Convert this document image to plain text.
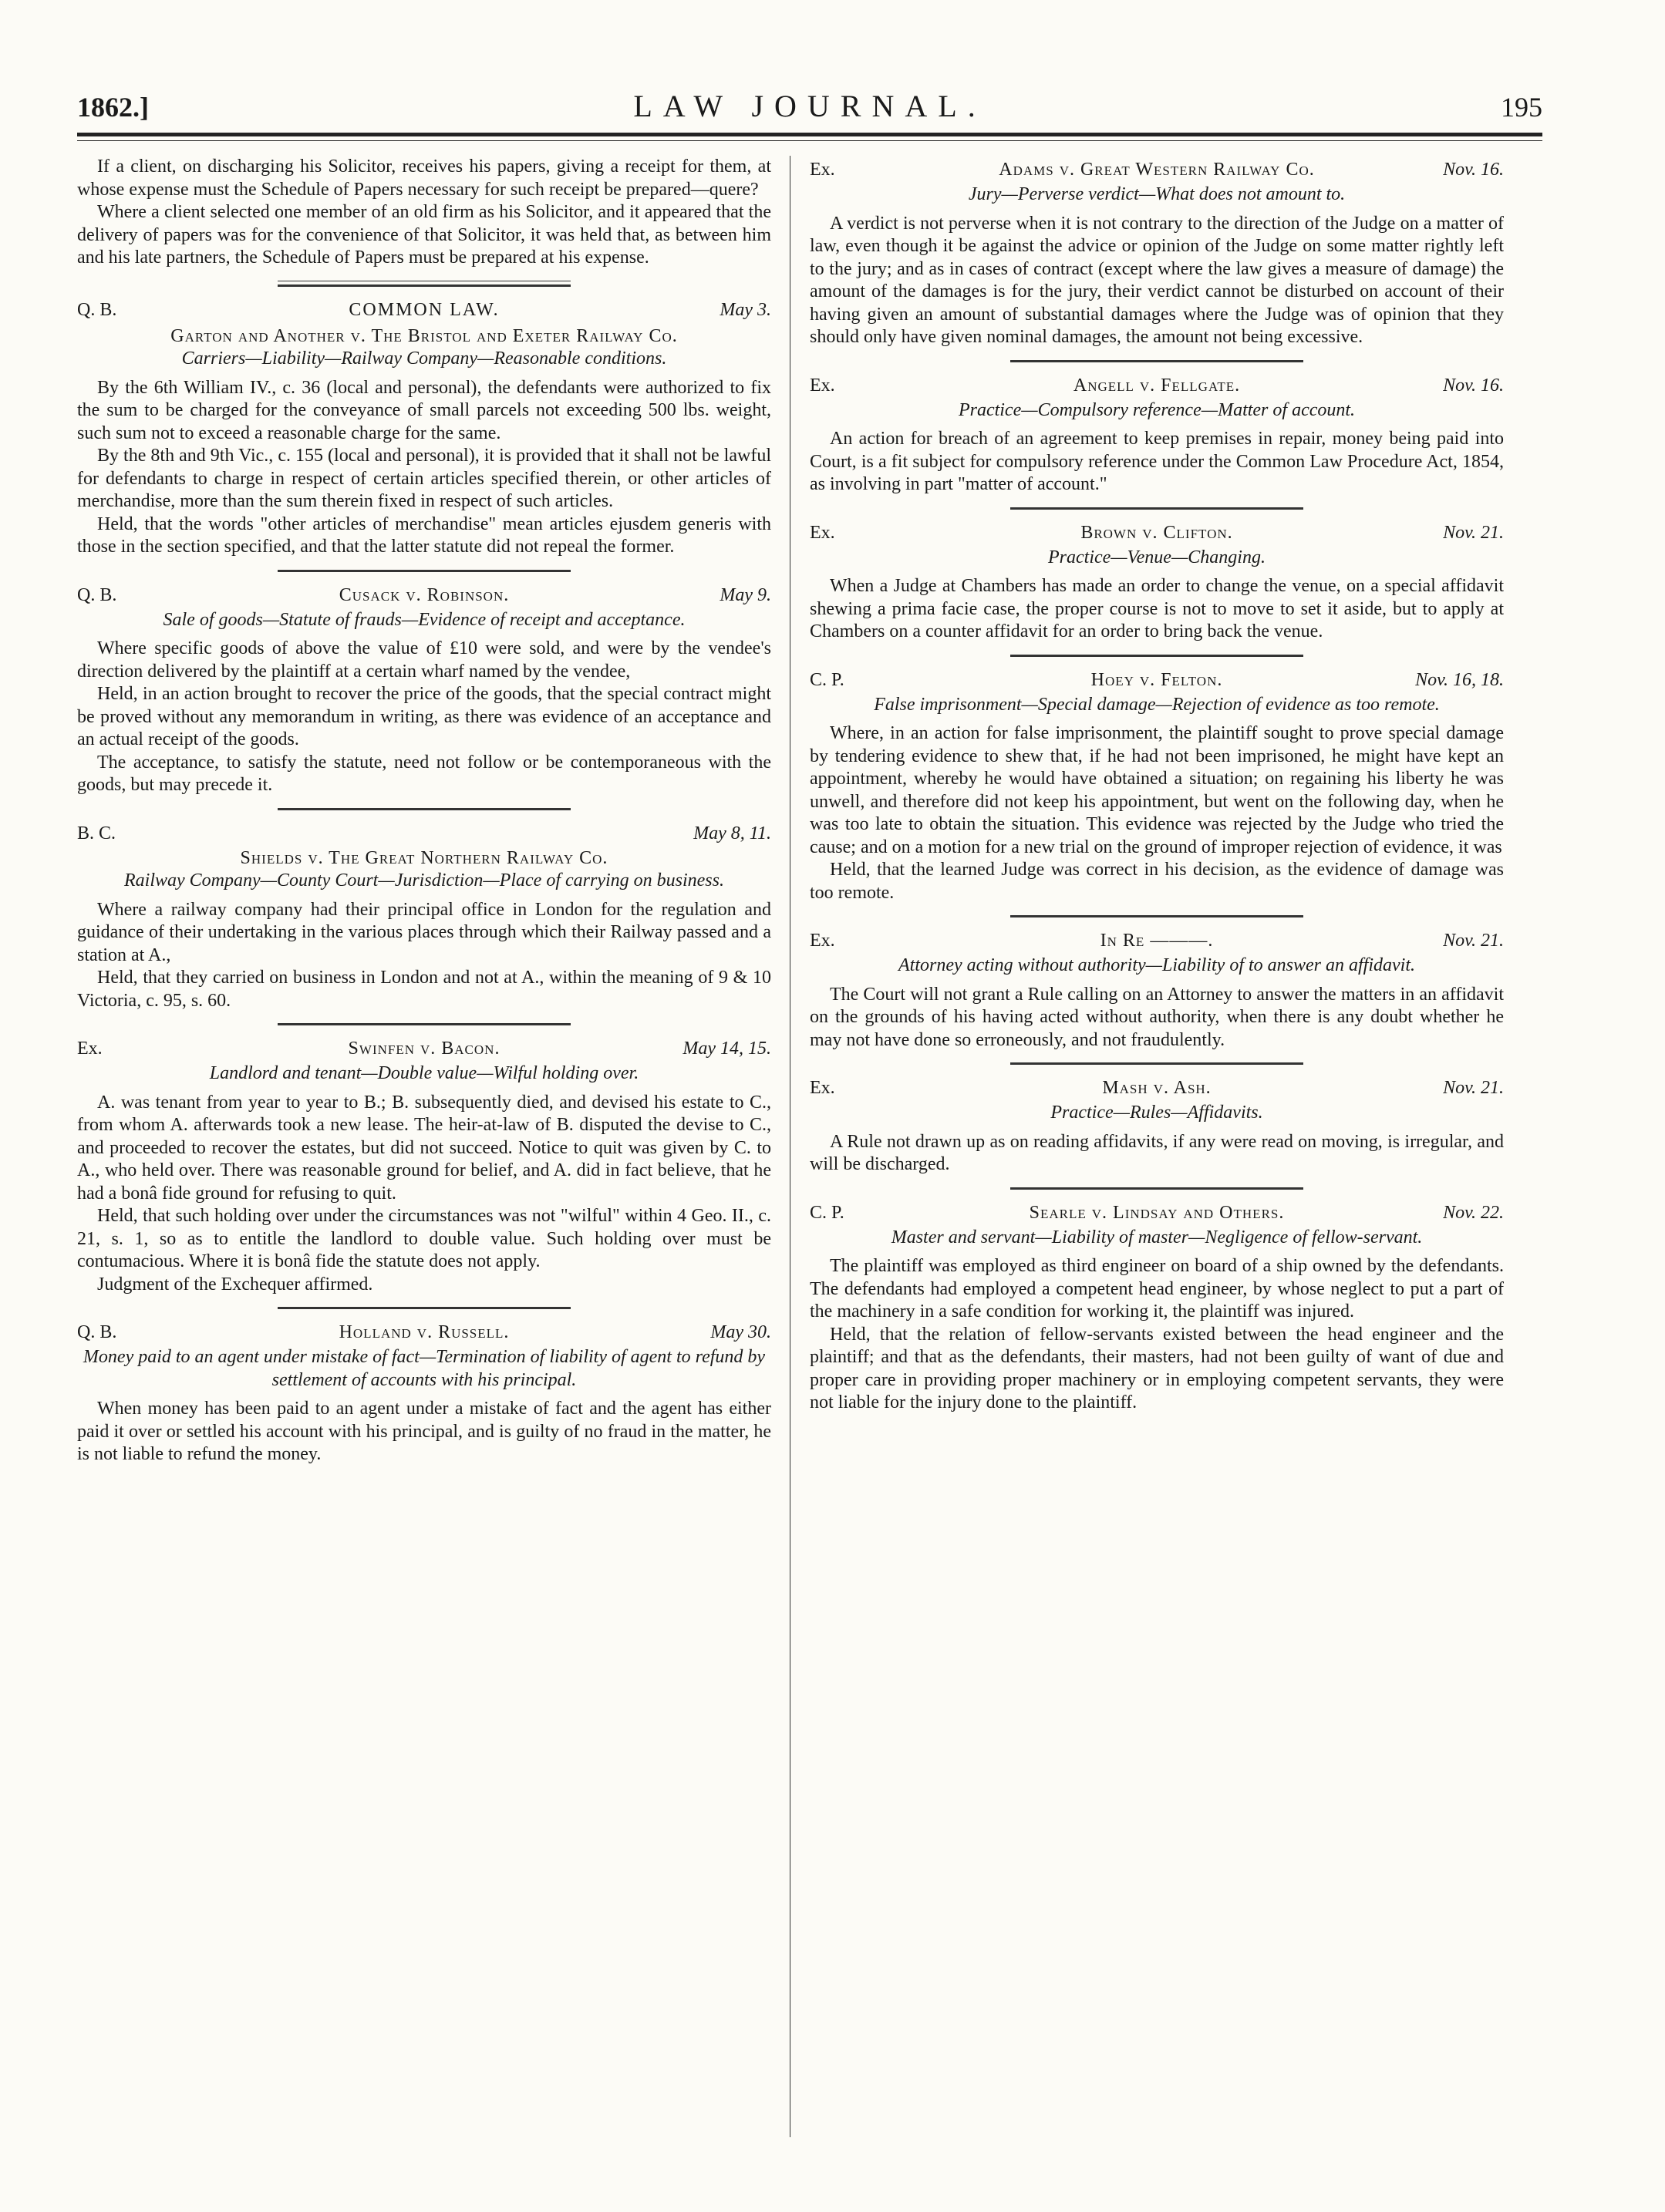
1862.]	LAW JOURNAL.	195

If a client, on discharging his Solicitor, receives his papers, giving a receipt for them, at whose expense must the Schedule of Papers necessary for such receipt be prepared—quere?

Where a client selected one member of an old firm as his Solicitor, and it appeared that the delivery of papers was for the convenience of that Solicitor, it was held that, as between him and his late partners, the Schedule of Papers must be prepared at his expense.

Q. B.	COMMON LAW.	May 3.
Garton and Another v. The Bristol and Exeter Railway Co.
Carriers—Liability—Railway Company—Reasonable conditions.

By the 6th William IV., c. 36 (local and personal), the defendants were authorized to fix the sum to be charged for the conveyance of small parcels not exceeding 500 lbs. weight, such sum not to exceed a reasonable charge for the same.

By the 8th and 9th Vic., c. 155 (local and personal), it is provided that it shall not be lawful for defendants to charge in respect of certain articles specified therein, or other articles of merchandise, more than the sum therein fixed in respect of such articles.

Held, that the words "other articles of merchandise" mean articles ejusdem generis with those in the section specified, and that the latter statute did not repeal the former.

Q. B.	Cusack v. Robinson.	May 9.
Sale of goods—Statute of frauds—Evidence of receipt and acceptance.

Where specific goods of above the value of £10 were sold, and were by the vendee's direction delivered by the plaintiff at a certain wharf named by the vendee,

Held, in an action brought to recover the price of the goods, that the special contract might be proved without any memorandum in writing, as there was evidence of an acceptance and an actual receipt of the goods.

The acceptance, to satisfy the statute, need not follow or be contemporaneous with the goods, but may precede it.

B. C.	May 8, 11.
Shields v. The Great Northern Railway Co.
Railway Company—County Court—Jurisdiction—Place of carrying on business.

Where a railway company had their principal office in London for the regulation and guidance of their undertaking in the various places through which their Railway passed and a station at A.,

Held, that they carried on business in London and not at A., within the meaning of 9 & 10 Victoria, c. 95, s. 60.

Ex.	Swinfen v. Bacon.	May 14, 15.
Landlord and tenant—Double value—Wilful holding over.

A. was tenant from year to year to B.; B. subsequently died, and devised his estate to C., from whom A. afterwards took a new lease. The heir-at-law of B. disputed the devise to C., and proceeded to recover the estates, but did not succeed. Notice to quit was given by C. to A., who held over. There was reasonable ground for belief, and A. did in fact believe, that he had a bonâ fide ground for refusing to quit.

Held, that such holding over under the circumstances was not "wilful" within 4 Geo. II., c. 21, s. 1, so as to entitle the landlord to double value. Such holding over must be contumacious. Where it is bonâ fide the statute does not apply.

Judgment of the Exchequer affirmed.

Q. B.	Holland v. Russell.	May 30.
Money paid to an agent under mistake of fact—Termination of liability of agent to refund by settlement of accounts with his principal.

When money has been paid to an agent under a mistake of fact and the agent has either paid it over or settled his account with his principal, and is guilty of no fraud in the matter, he is not liable to refund the money.

Ex.	Adams v. Great Western Railway Co.	Nov. 16.
Jury—Perverse verdict—What does not amount to.

A verdict is not perverse when it is not contrary to the direction of the Judge on a matter of law, even though it be against the advice or opinion of the Judge on some matter rightly left to the jury; and as in cases of contract (except where the law gives a measure of damage) the amount of the damages is for the jury, their verdict cannot be disturbed on account of their having given an amount of substantial damages where the Judge was of opinion that they should only have given nominal damages, the amount not being excessive.

Ex.	Angell v. Fellgate.	Nov. 16.
Practice—Compulsory reference—Matter of account.

An action for breach of an agreement to keep premises in repair, money being paid into Court, is a fit subject for compulsory reference under the Common Law Procedure Act, 1854, as involving in part "matter of account."

Ex.	Brown v. Clifton.	Nov. 21.
Practice—Venue—Changing.

When a Judge at Chambers has made an order to change the venue, on a special affidavit shewing a prima facie case, the proper course is not to move to set it aside, but to apply at Chambers on a counter affidavit for an order to bring back the venue.

C. P.	Hoey v. Felton.	Nov. 16, 18.
False imprisonment—Special damage—Rejection of evidence as too remote.

Where, in an action for false imprisonment, the plaintiff sought to prove special damage by tendering evidence to shew that, if he had not been imprisoned, he might have kept an appointment, whereby he would have obtained a situation; on regaining his liberty he was unwell, and therefore did not keep his appointment, but went on the following day, when he was too late to obtain the situation. This evidence was rejected by the Judge who tried the cause; and on a motion for a new trial on the ground of improper rejection of evidence, it was

Held, that the learned Judge was correct in his decision, as the evidence of damage was too remote.

Ex.	In Re ———.	Nov. 21.
Attorney acting without authority—Liability of to answer an affidavit.

The Court will not grant a Rule calling on an Attorney to answer the matters in an affidavit on the grounds of his having acted without authority, when there is any doubt whether he may not have done so erroneously, and not fraudulently.

Ex.	Mash v. Ash.	Nov. 21.
Practice—Rules—Affidavits.

A Rule not drawn up as on reading affidavits, if any were read on moving, is irregular, and will be discharged.

C. P.	Searle v. Lindsay and Others.	Nov. 22.
Master and servant—Liability of master—Negligence of fellow-servant.

The plaintiff was employed as third engineer on board of a ship owned by the defendants. The defendants had employed a competent head engineer, by whose neglect to put a part of the machinery in a safe condition for working it, the plaintiff was injured.

Held, that the relation of fellow-servants existed between the head engineer and the plaintiff; and that as the defendants, their masters, had not been guilty of want of due and proper care in providing proper machinery or in employing competent servants, they were not liable for the injury done to the plaintiff.
